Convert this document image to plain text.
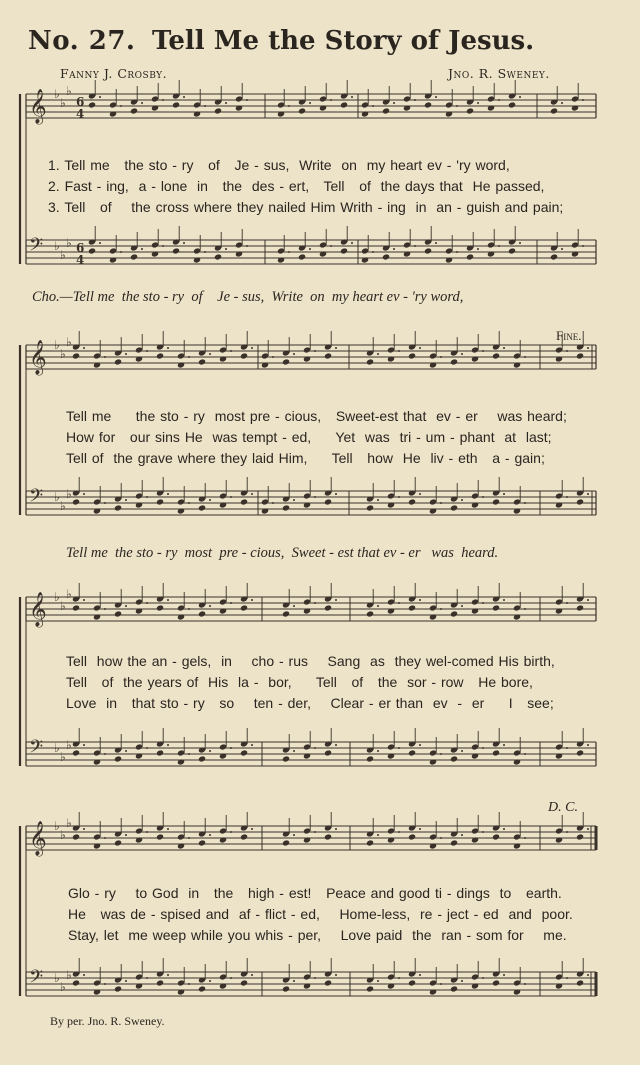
No. 27. Tell Me the Story of Jesus.
Fanny J. Crosby.	Jno. R. Sweney.
𝄞 ♭
♭
♭
6
4
𝄢 ♭
♭
♭ 6
4
𝄞 ♭
♭
♭
𝄢 ♭
♭
♭
𝄞 ♭
♭
♭
𝄢 ♭
♭
♭
𝄞 ♭
♭
♭
𝄢 ♭
♭
♭
1. Tell me   the sto - ry   of   Je - sus,  Write  on  my heart ev - 'ry word,
2. Fast - ing,  a - lone  in   the  des - ert,   Tell   of  the days that  He passed,
3. Tell   of    the cross where they nailed Him Writh - ing  in  an - guish and pain;
Cho.—Tell me  the sto - ry  of    Je - sus,  Write  on  my heart ev - 'ry word,
Fine.
Tell me     the sto - ry  most pre - cious,   Sweet-est that  ev - er    was heard;
How for   our sins He  was tempt - ed,     Yet  was  tri - um - phant  at  last;
Tell of  the grave where they laid Him,     Tell   how  He  liv - eth   a - gain;
Tell me  the sto - ry  most  pre - cious,  Sweet - est that ev - er   was  heard.
Tell  how the an - gels,  in    cho - rus    Sang  as  they wel-comed His birth,
Tell   of  the years of  His  la -  bor,     Tell   of   the  sor - row   He bore,
Love  in   that sto - ry   so    ten - der,    Clear - er than  ev  -  er     I   see;
D. C.
Glo - ry    to God  in   the   high - est!   Peace and good ti - dings  to   earth.
He   was de - spised and  af - flict - ed,    Home-less,  re - ject - ed  and  poor.
Stay, let  me weep while you whis - per,    Love paid  the  ran - som for    me.
By per. Jno. R. Sweney.
